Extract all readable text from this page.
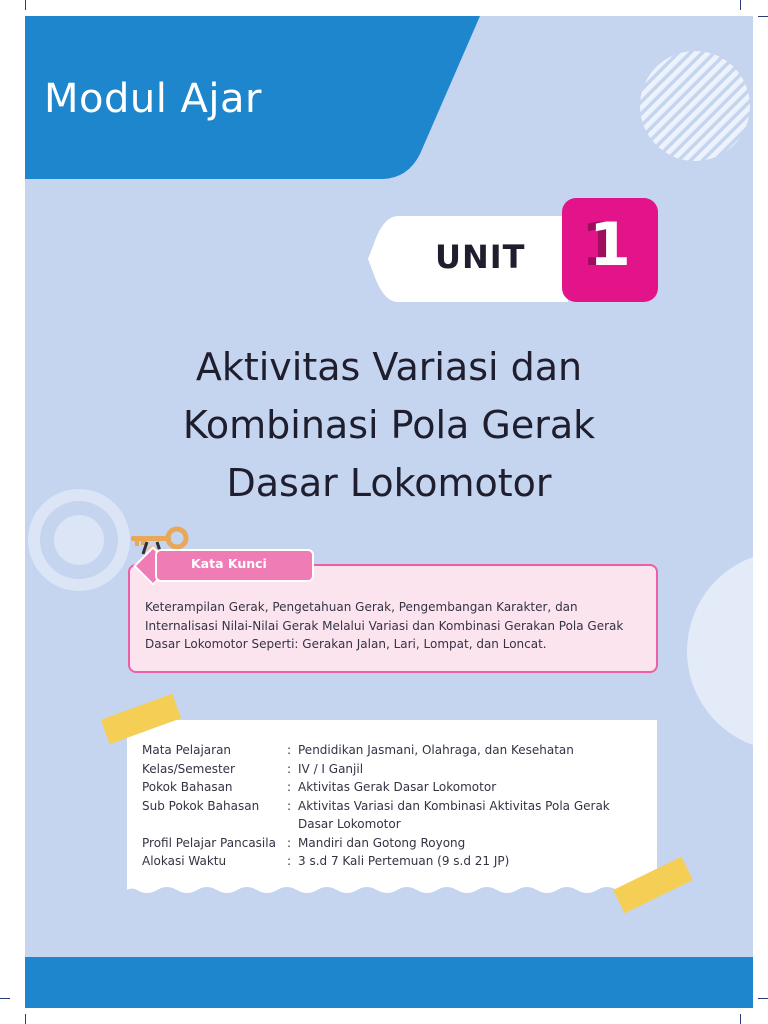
Modul Ajar
UNIT	1
Aktivitas Variasi dan
Kombinasi Pola Gerak
Dasar Lokomotor
Kata Kunci

Keterampilan Gerak, Pengetahuan Gerak, Pengembangan Karakter, dan Internalisasi Nilai-Nilai Gerak Melalui Variasi dan Kombinasi Gerakan Pola Gerak Dasar Lokomotor Seperti: Gerakan Jalan, Lari, Lompat, dan Loncat.

Mata Pelajaran	:	Pendidikan Jasmani, Olahraga, dan Kesehatan
Kelas/Semester	:	IV / I Ganjil
Pokok Bahasan	:	Aktivitas Gerak Dasar Lokomotor
Sub Pokok Bahasan	:	Aktivitas Variasi dan Kombinasi Aktivitas Pola Gerak Dasar Lokomotor
Profil Pelajar Pancasila	:	Mandiri dan Gotong Royong
Alokasi Waktu	:	3 s.d 7 Kali Pertemuan (9 s.d 21 JP)
